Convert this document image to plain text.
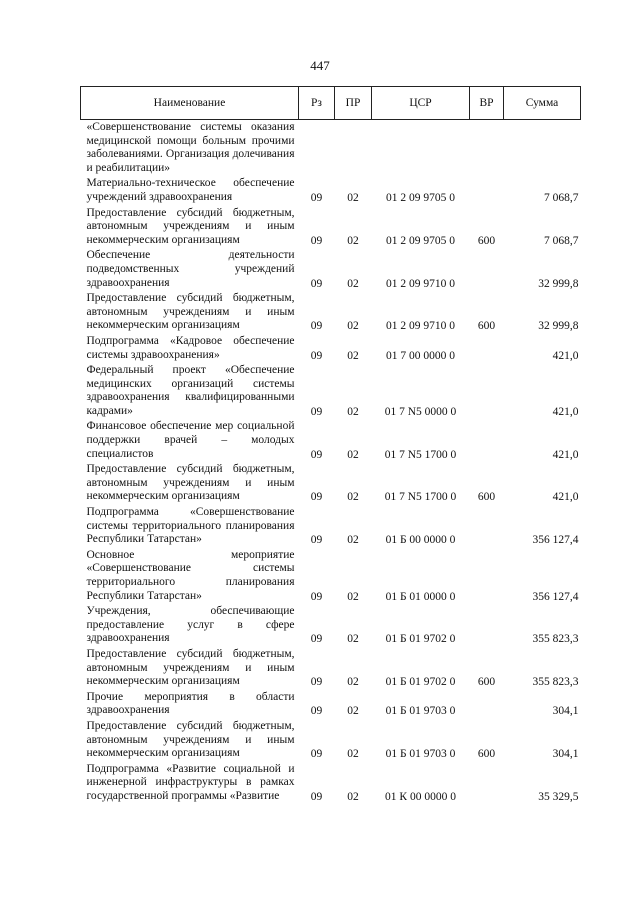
447
Наименование	Рз	ПР	ЦСР	ВР	Сумма
«Совершенствование системы оказания медицинской помощи больным прочими заболеваниями. Организация долечивания и реабилитации»					
Материально-техническое обеспечение учреждений здравоохранения	09	02	01 2 09 9705 0		7 068,7
Предоставление субсидий бюджетным, автономным учреждениям и иным некоммерческим организациям	09	02	01 2 09 9705 0	600	7 068,7
Обеспечение деятельности подведомственных учреждений здравоохранения	09	02	01 2 09 9710 0		32 999,8
Предоставление субсидий бюджетным, автономным учреждениям и иным некоммерческим организациям	09	02	01 2 09 9710 0	600	32 999,8
Подпрограмма «Кадровое обеспечение системы здравоохранения»	09	02	01 7 00 0000 0		421,0
Федеральный проект «Обеспечение медицинских организаций системы здравоохранения квалифицированными кадрами»	09	02	01 7 N5 0000 0		421,0
Финансовое обеспечение мер социальной поддержки врачей – молодых специалистов	09	02	01 7 N5 1700 0		421,0
Предоставление субсидий бюджетным, автономным учреждениям и иным некоммерческим организациям	09	02	01 7 N5 1700 0	600	421,0
Подпрограмма «Совершенствование системы территориального планирования Республики Татарстан»	09	02	01 Б 00 0000 0		356 127,4
Основное мероприятие «Совершенствование системы территориального планирования Республики Татарстан»	09	02	01 Б 01 0000 0		356 127,4
Учреждения, обеспечивающие предоставление услуг в сфере здравоохранения	09	02	01 Б 01 9702 0		355 823,3
Предоставление субсидий бюджетным, автономным учреждениям и иным некоммерческим организациям	09	02	01 Б 01 9702 0	600	355 823,3
Прочие мероприятия в области здравоохранения	09	02	01 Б 01 9703 0		304,1
Предоставление субсидий бюджетным, автономным учреждениям и иным некоммерческим организациям	09	02	01 Б 01 9703 0	600	304,1
Подпрограмма «Развитие социальной и инженерной инфраструктуры в рамках государственной программы «Развитие	09	02	01 К 00 0000 0		35 329,5
